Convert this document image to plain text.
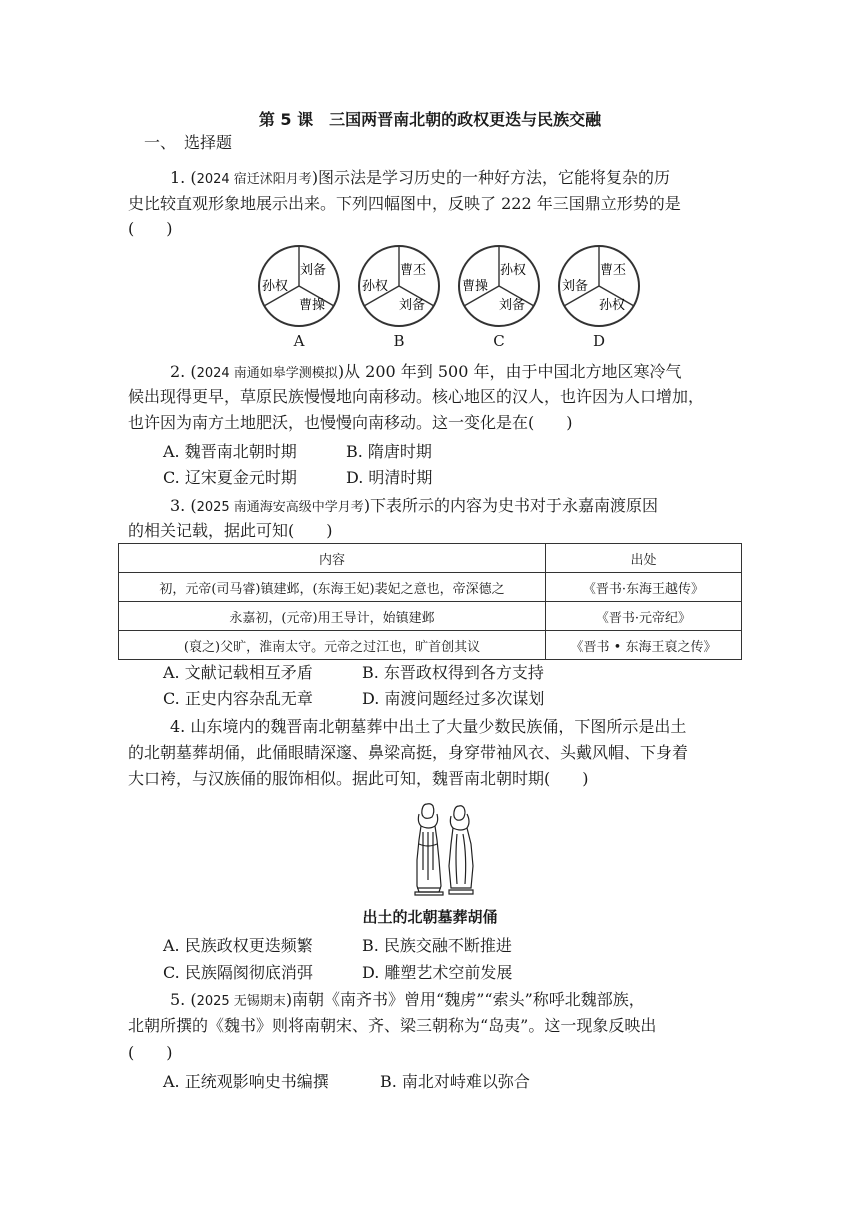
第 5 课　三国两晋南北朝的政权更迭与民族交融
一、　选择题
1. (2024 宿迁沭阳月考)图示法是学习历史的一种好方法，它能将复杂的历
史比较直观形象地展示出来。下列四幅图中，反映了 222 年三国鼎立形势的是
(　　)
孙权
刘备
曹操
A
孙权
曹丕
刘备
B
曹操
孙权
刘备
C
刘备
曹丕
孙权
D
2. (2024 南通如皋学测模拟)从 200 年到 500 年，由于中国北方地区寒冷气
候出现得更早，草原民族慢慢地向南移动。核心地区的汉人，也许因为人口增加，
也许因为南方土地肥沃，也慢慢向南移动。这一变化是在(　　)
A. 魏晋南北朝时期	B. 隋唐时期
C. 辽宋夏金元时期	D. 明清时期
3. (2025 南通海安高级中学月考)下表所示的内容为史书对于永嘉南渡原因
的相关记载，据此可知(　　)
内容	出处
初，元帝(司马睿)镇建邺，(东海王妃)裴妃之意也，帝深德之	《晋书·东海王越传》
永嘉初，(元帝)用王导计，始镇建邺	《晋书·元帝纪》
(裒之)父旷，淮南太守。元帝之过江也，旷首创其议	《晋书 • 东海王裒之传》
A. 文献记载相互矛盾	B. 东晋政权得到各方支持
C. 正史内容杂乱无章	D. 南渡问题经过多次谋划
4. 山东境内的魏晋南北朝墓葬中出土了大量少数民族俑，下图所示是出土
的北朝墓葬胡俑，此俑眼睛深邃、鼻梁高挺，身穿带袖风衣、头戴风帽、下身着
大口袴，与汉族俑的服饰相似。据此可知，魏晋南北朝时期(　　)
出土的北朝墓葬胡俑
A. 民族政权更迭频繁	B. 民族交融不断推进
C. 民族隔阂彻底消弭	D. 雕塑艺术空前发展
5. (2025 无锡期末)南朝《南齐书》曾用“魏虏”“索头”称呼北魏部族，
北朝所撰的《魏书》则将南朝宋、齐、梁三朝称为“岛夷”。这一现象反映出
(　　)
A. 正统观影响史书编撰	B. 南北对峙难以弥合
